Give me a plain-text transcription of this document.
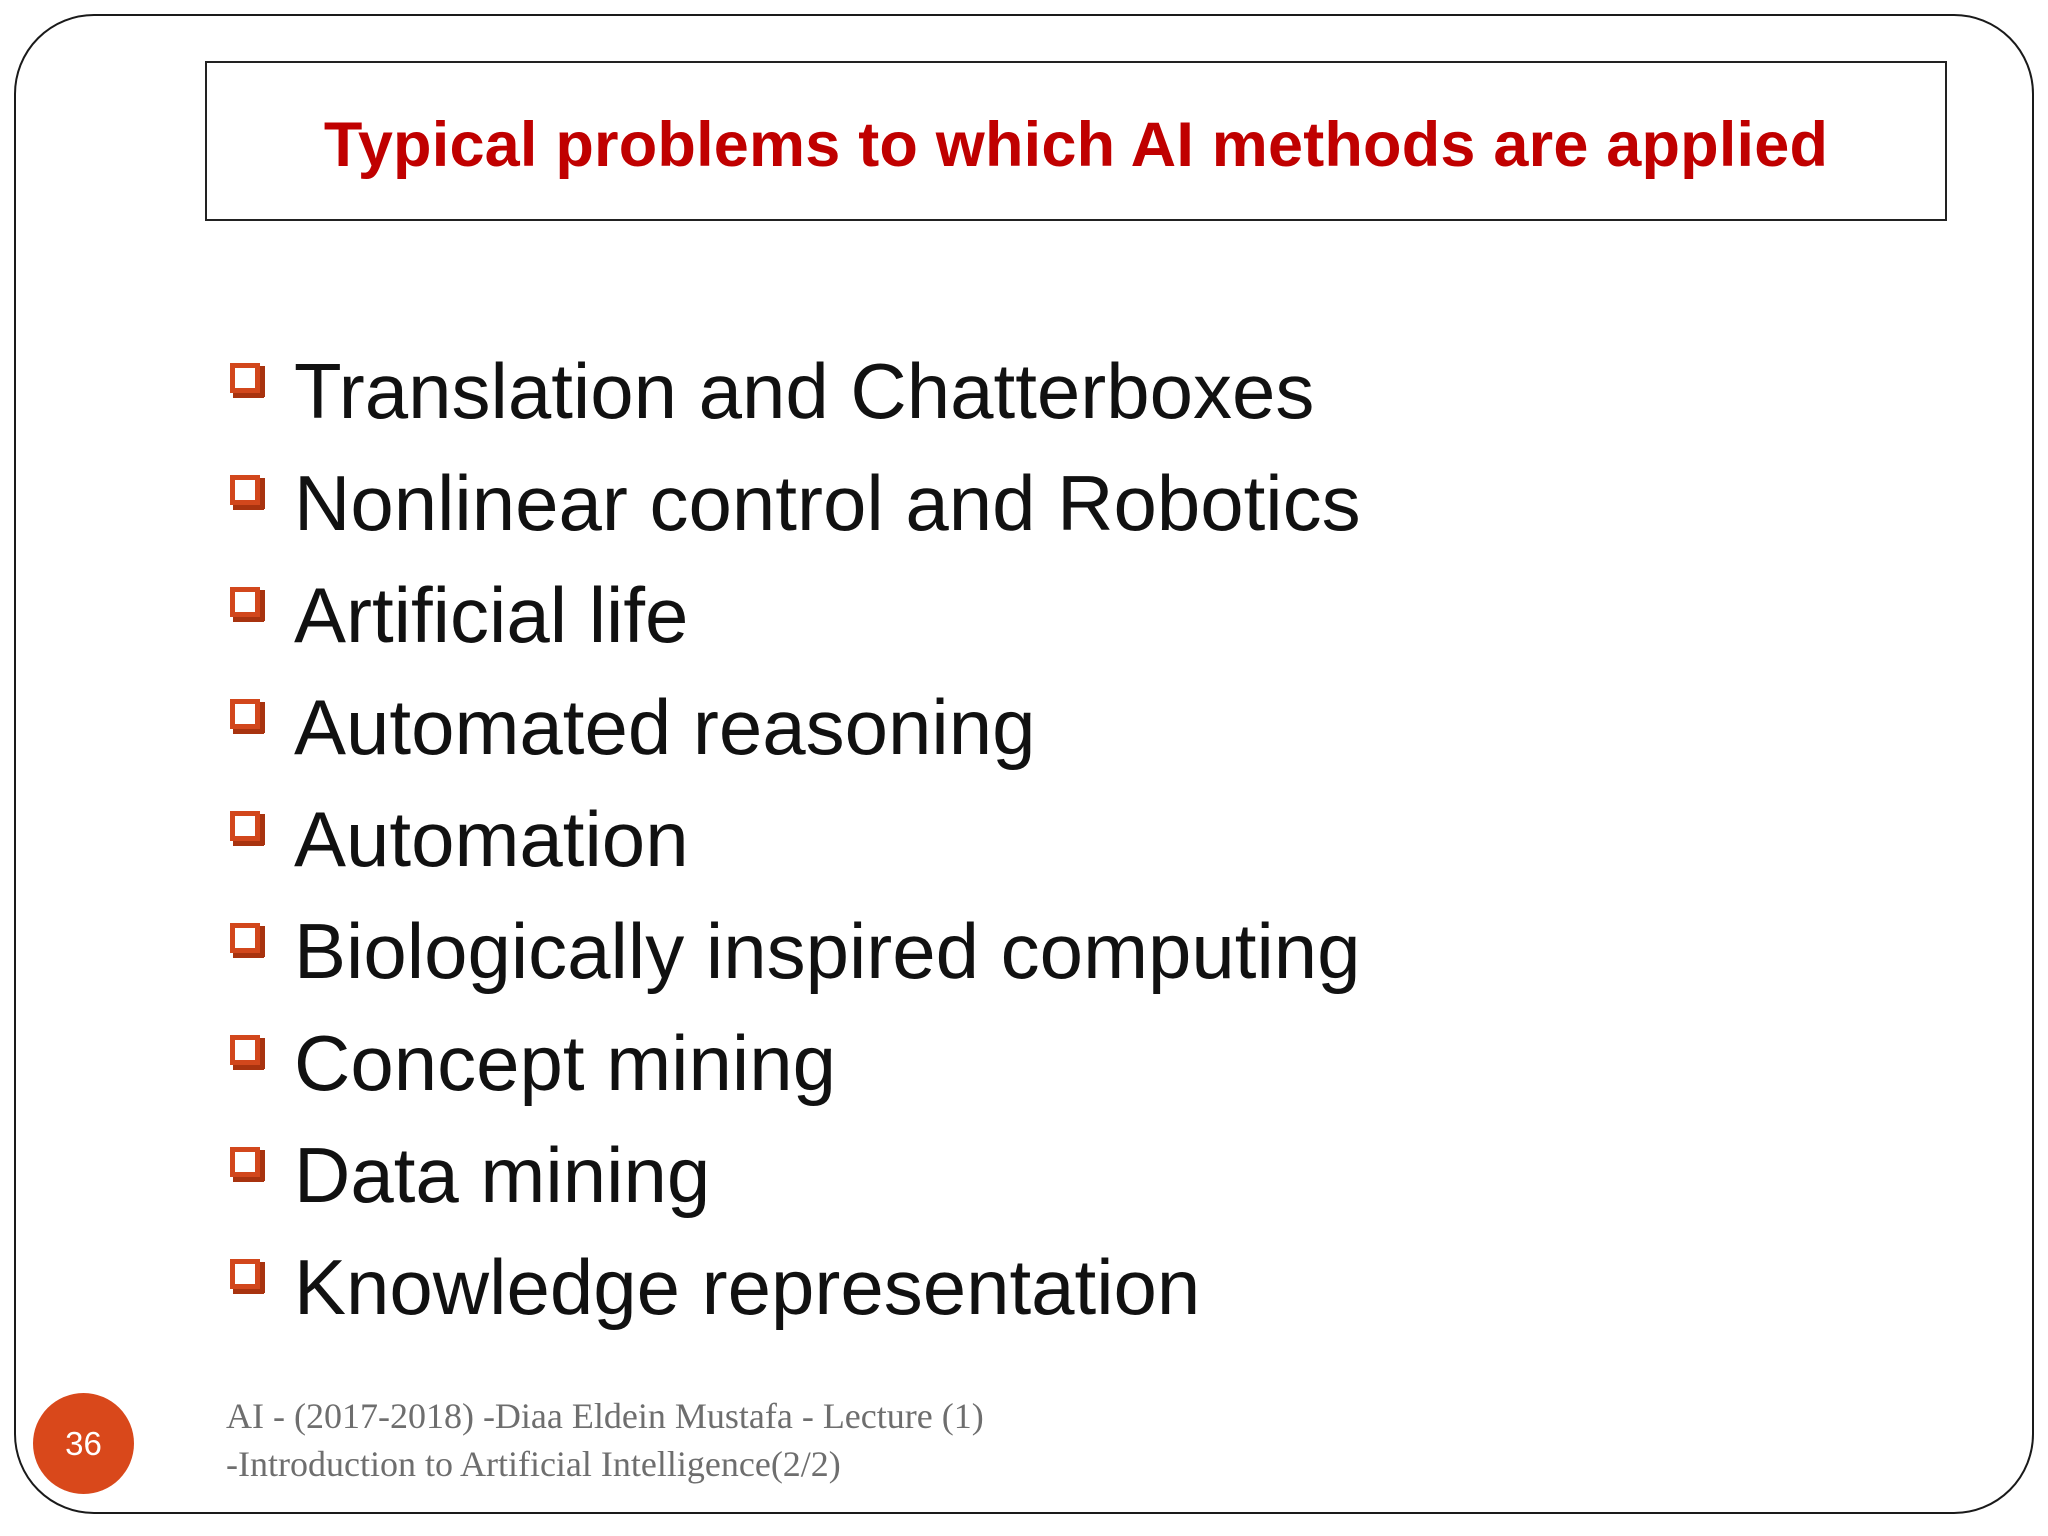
Typical problems to which AI methods are applied
Translation and Chatterboxes
Nonlinear control and Robotics
Artificial life
Automated reasoning
Automation
Biologically inspired computing
Concept mining
Data mining
Knowledge representation
36
AI - (2017-2018) -Diaa Eldein Mustafa - Lecture (1)
-Introduction to Artificial Intelligence(2/2)
